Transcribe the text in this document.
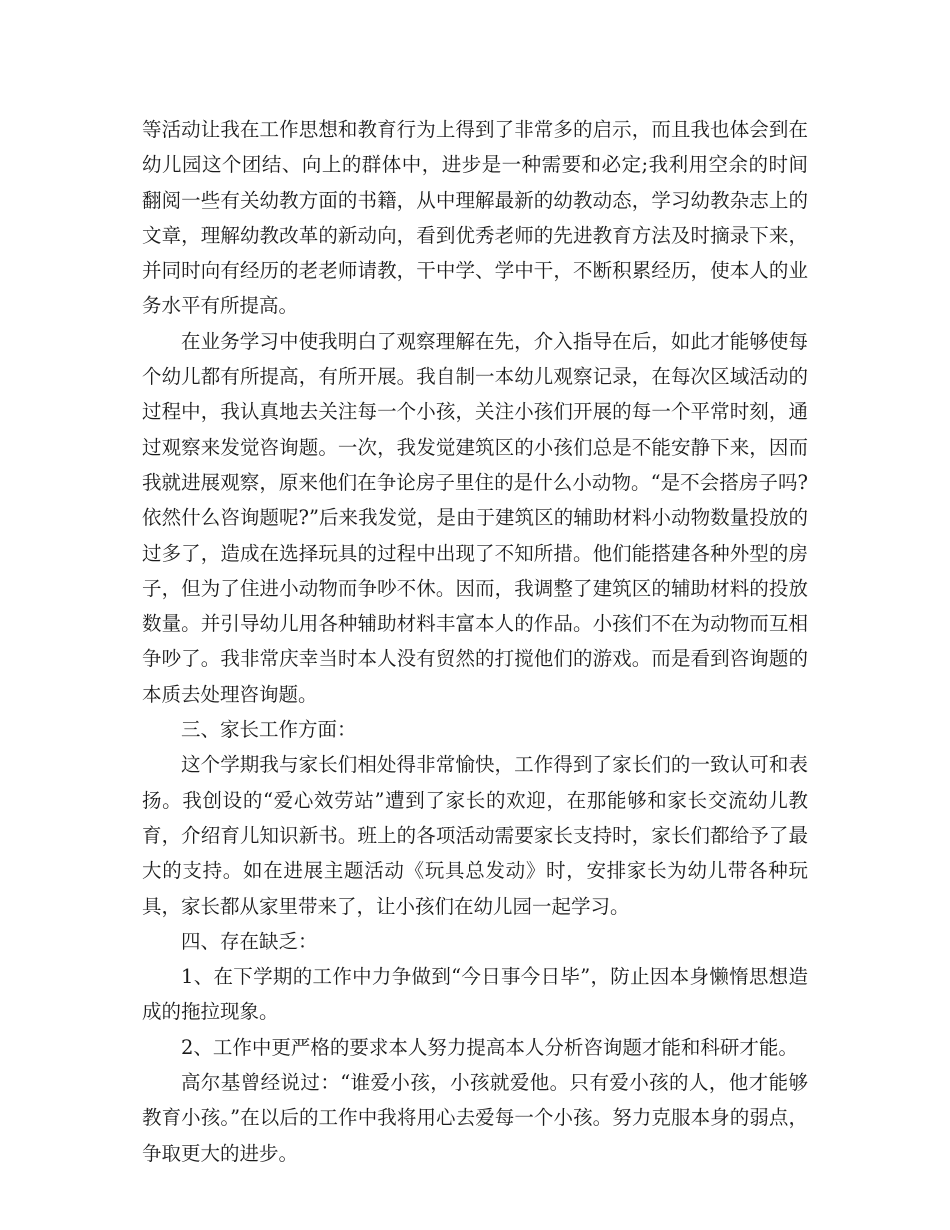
等活动让我在工作思想和教育行为上得到了非常多的启示，而且我也体会到在幼儿园这个团结、向上的群体中，进步是一种需要和必定;我利用空余的时间翻阅一些有关幼教方面的书籍，从中理解最新的幼教动态，学习幼教杂志上的文章，理解幼教改革的新动向，看到优秀老师的先进教育方法及时摘录下来，并同时向有经历的老老师请教，干中学、学中干，不断积累经历，使本人的业务水平有所提高。

在业务学习中使我明白了观察理解在先，介入指导在后，如此才能够使每个幼儿都有所提高，有所开展。我自制一本幼儿观察记录，在每次区域活动的过程中，我认真地去关注每一个小孩，关注小孩们开展的每一个平常时刻，通过观察来发觉咨询题。一次，我发觉建筑区的小孩们总是不能安静下来，因而我就进展观察，原来他们在争论房子里住的是什么小动物。“是不会搭房子吗?依然什么咨询题呢?”后来我发觉，是由于建筑区的辅助材料小动物数量投放的过多了，造成在选择玩具的过程中出现了不知所措。他们能搭建各种外型的房子，但为了住进小动物而争吵不休。因而，我调整了建筑区的辅助材料的投放数量。并引导幼儿用各种辅助材料丰富本人的作品。小孩们不在为动物而互相争吵了。我非常庆幸当时本人没有贸然的打搅他们的游戏。而是看到咨询题的本质去处理咨询题。

三、家长工作方面：

这个学期我与家长们相处得非常愉快，工作得到了家长们的一致认可和表扬。我创设的“爱心效劳站”遭到了家长的欢迎，在那能够和家长交流幼儿教育，介绍育儿知识新书。班上的各项活动需要家长支持时，家长们都给予了最大的支持。如在进展主题活动《玩具总发动》时，安排家长为幼儿带各种玩具，家长都从家里带来了，让小孩们在幼儿园一起学习。

四、存在缺乏：

1、在下学期的工作中力争做到“今日事今日毕”，防止因本身懒惰思想造成的拖拉现象。

2、工作中更严格的要求本人努力提高本人分析咨询题才能和科研才能。

高尔基曾经说过：“谁爱小孩，小孩就爱他。只有爱小孩的人，他才能够教育小孩。”在以后的工作中我将用心去爱每一个小孩。努力克服本身的弱点，争取更大的进步。
